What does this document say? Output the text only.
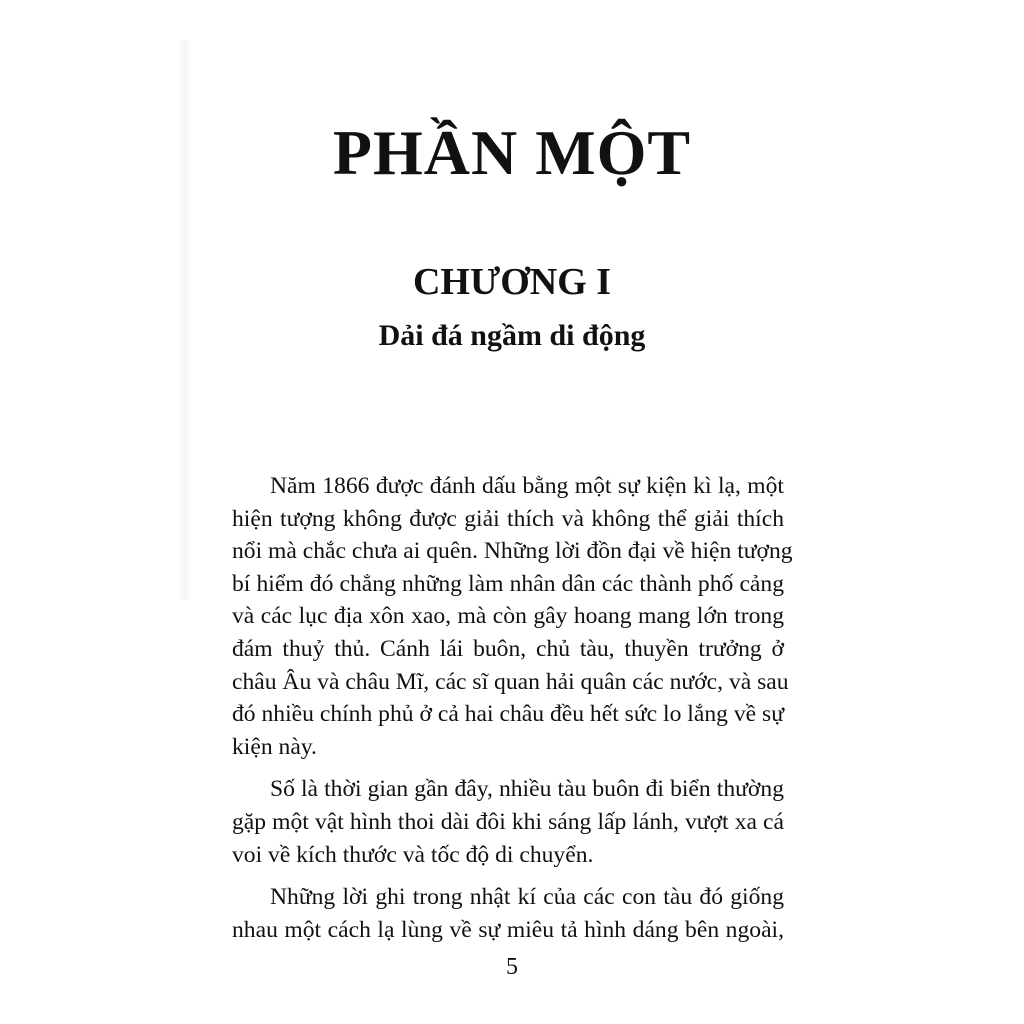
PHẦN MỘT
CHƯƠNG I
Dải đá ngầm di động

Năm 1866 được đánh dấu bằng một sự kiện kì lạ, một
hiện tượng không được giải thích và không thể giải thích
nổi mà chắc chưa ai quên. Những lời đồn đại về hiện tượng
bí hiểm đó chẳng những làm nhân dân các thành phố cảng
và các lục địa xôn xao, mà còn gây hoang mang lớn trong
đám thuỷ thủ. Cánh lái buôn, chủ tàu, thuyền trưởng ở
châu Âu và châu Mĩ, các sĩ quan hải quân các nước, và sau
đó nhiều chính phủ ở cả hai châu đều hết sức lo lắng về sự
kiện này.

Số là thời gian gần đây, nhiều tàu buôn đi biển thường
gặp một vật hình thoi dài đôi khi sáng lấp lánh, vượt xa cá
voi về kích thước và tốc độ di chuyển.

Những lời ghi trong nhật kí của các con tàu đó giống
nhau một cách lạ lùng về sự miêu tả hình dáng bên ngoài,

5
